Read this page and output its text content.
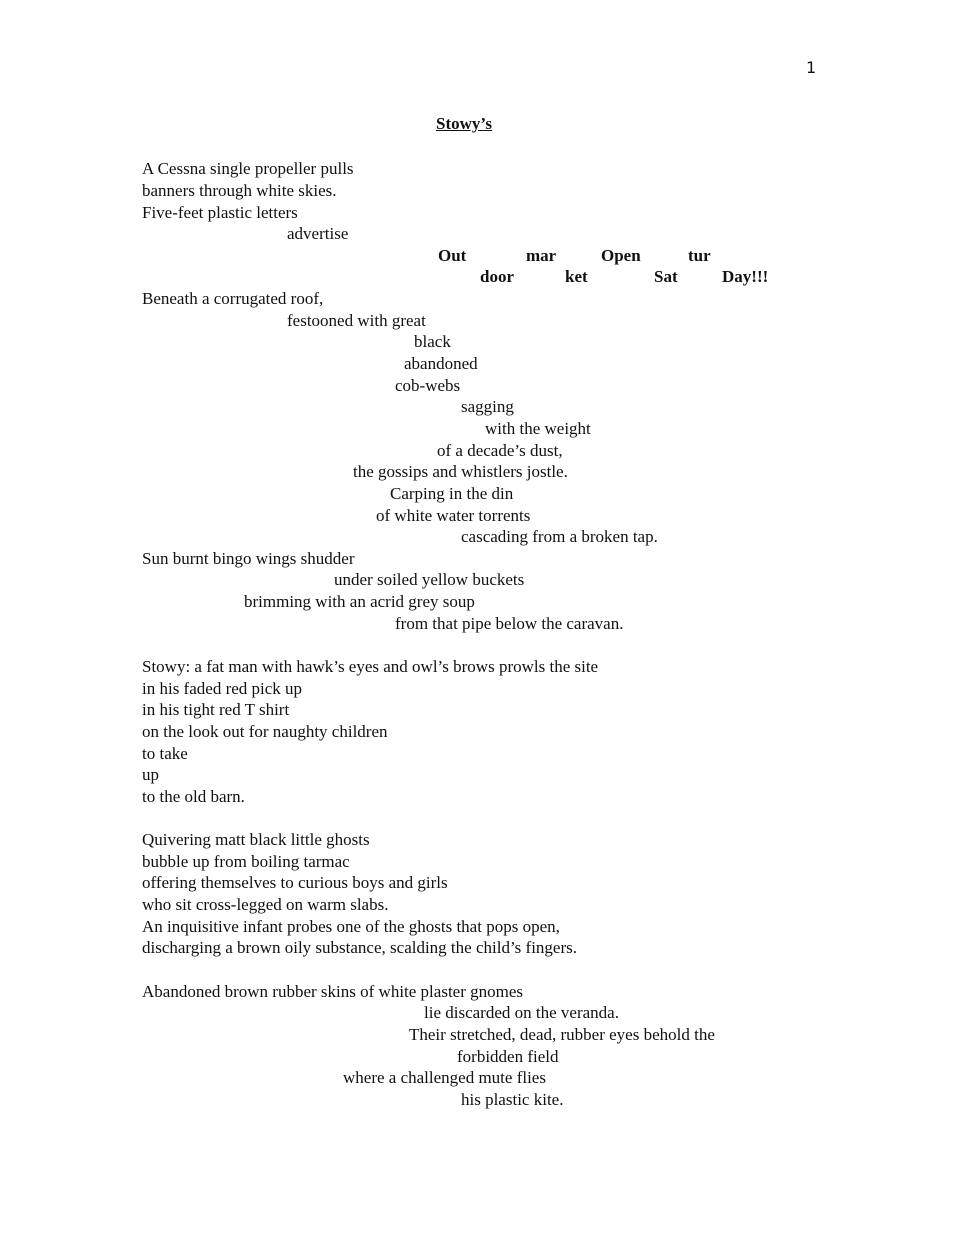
1
Stowy’s
A Cessna single propeller pulls
banners through white skies.
Five-feet plastic letters
advertise
Out	mar	Open	tur
door	ket	Sat	Day!!!
Beneath a corrugated roof,
festooned with great
black
abandoned
cob-webs
sagging
with the weight
of a decade’s dust,
the gossips and whistlers jostle.
Carping in the din
of white water torrents
cascading from a broken tap.
Sun burnt bingo wings shudder
under soiled yellow buckets
brimming with an acrid grey soup
from that pipe below the caravan.
Stowy: a fat man with hawk’s eyes and owl’s brows prowls the site
in his faded red pick up
in his tight red T shirt
on the look out for naughty children
to take
up
to the old barn.
Quivering matt black little ghosts
bubble up from boiling tarmac
offering themselves to curious boys and girls
who sit cross-legged on warm slabs.
An inquisitive infant probes one of the ghosts that pops open,
discharging a brown oily substance, scalding the child’s fingers.
Abandoned brown rubber skins of white plaster gnomes
lie discarded on the veranda.
Their stretched, dead, rubber eyes behold the
forbidden field
where a challenged mute flies
his plastic kite.
